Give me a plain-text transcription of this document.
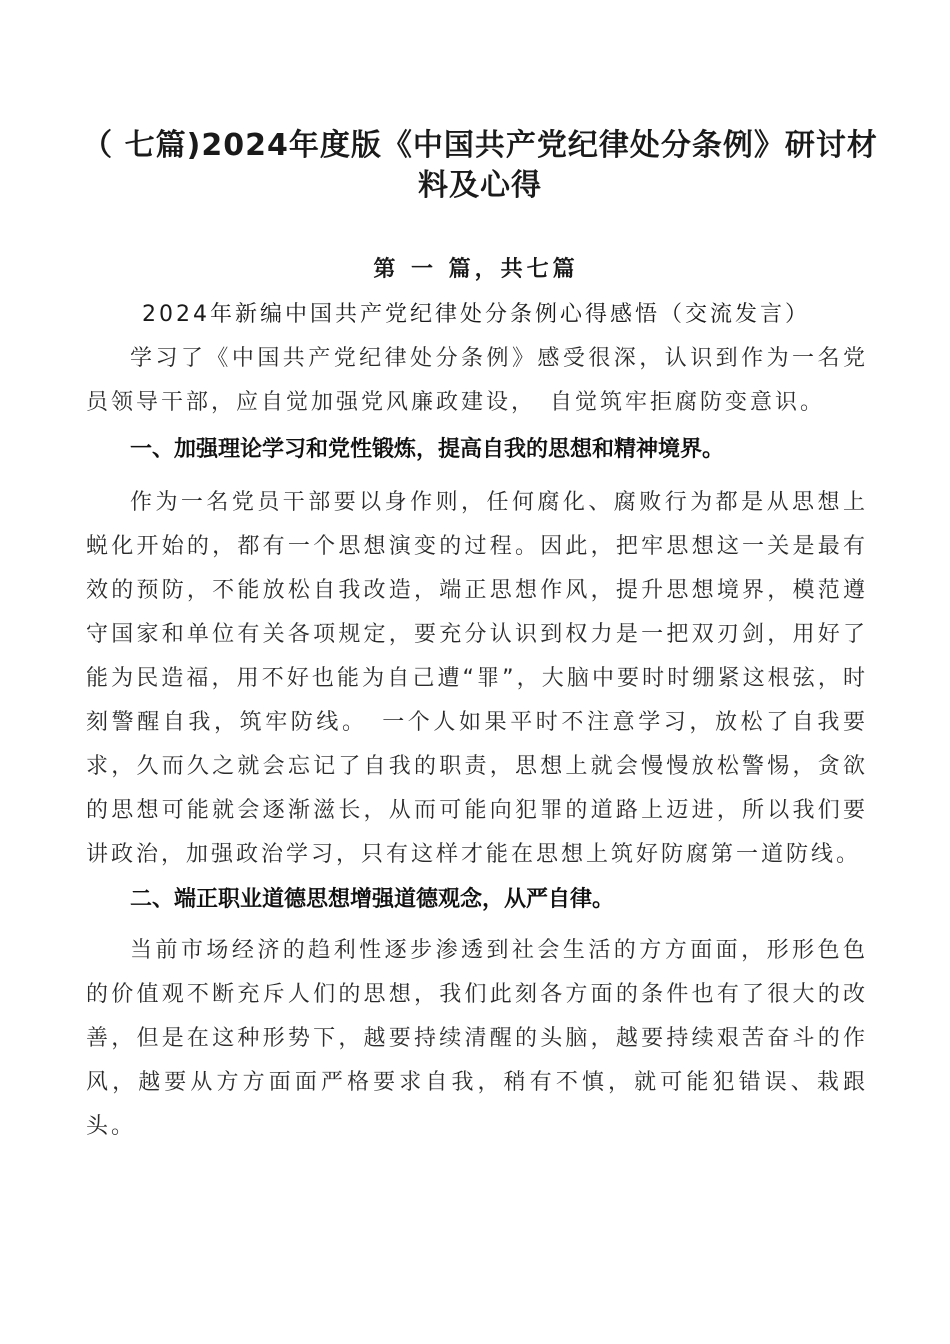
（ 七篇)2024年度版《中国共产党纪律处分条例》研讨材料及心得
第 一 篇，共七篇
2024年新编中国共产党纪律处分条例心得感悟（交流发言）

学习了《中国共产党纪律处分条例》感受很深，认识到作为一名党员领导干部，应自觉加强党风廉政建设，　自觉筑牢拒腐防变意识。

一、加强理论学习和党性锻炼，提高自我的思想和精神境界。

作为一名党员干部要以身作则，任何腐化、腐败行为都是从思想上蜕化开始的，都有一个思想演变的过程。因此，把牢思想这一关是最有效的预防，不能放松自我改造，端正思想作风，提升思想境界，模范遵守国家和单位有关各项规定，要充分认识到权力是一把双刃剑，用好了能为民造福，用不好也能为自己遭“罪”，大脑中要时时绷紧这根弦，时刻警醒自我，筑牢防线。　一个人如果平时不注意学习，放松了自我要求，久而久之就会忘记了自我的职责，思想上就会慢慢放松警惕，贪欲的思想可能就会逐渐滋长，从而可能向犯罪的道路上迈进，所以我们要讲政治，加强政治学习，只有这样才能在思想上筑好防腐第一道防线。

二、端正职业道德思想增强道德观念，从严自律。

当前市场经济的趋利性逐步渗透到社会生活的方方面面，形形色色的价值观不断充斥人们的思想，我们此刻各方面的条件也有了很大的改善，但是在这种形势下，越要持续清醒的头脑，越要持续艰苦奋斗的作风，越要从方方面面严格要求自我，稍有不慎，就可能犯错误、栽跟头。
